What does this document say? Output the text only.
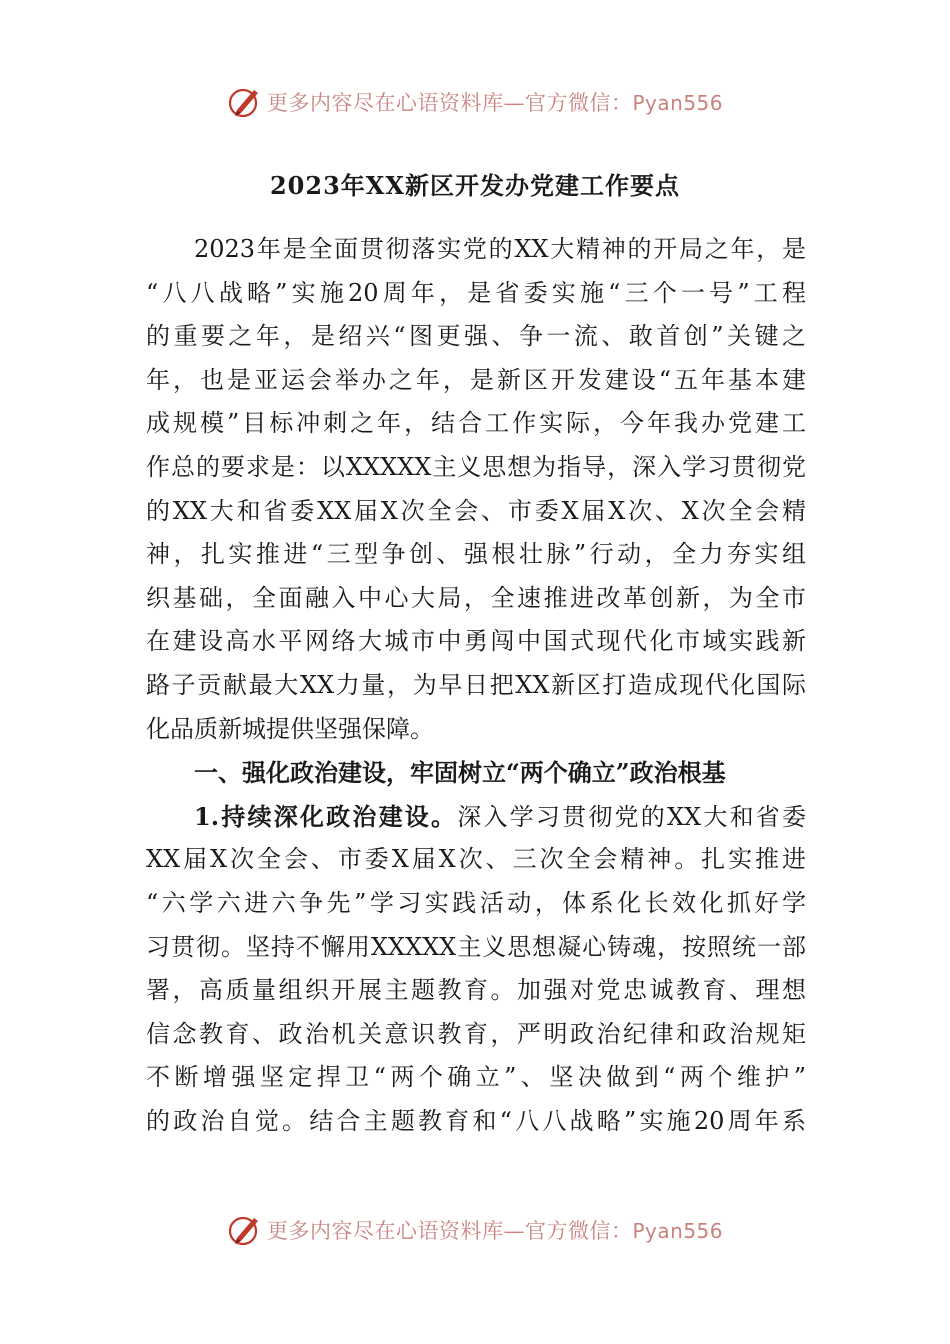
更多内容尽在心语资料库—官方微信：Pyan556
2023年XX新区开发办党建工作要点
2023年是全面贯彻落实党的XX大精神的开局之年，是
“八八战略”实施20周年，是省委实施“三个一号”工程
的重要之年，是绍兴“图更强、争一流、敢首创”关键之
年，也是亚运会举办之年，是新区开发建设“五年基本建
成规模”目标冲刺之年，结合工作实际，今年我办党建工
作总的要求是：以XXXXX主义思想为指导，深入学习贯彻党
的XX大和省委XX届X次全会、市委X届X次、X次全会精
神，扎实推进“三型争创、强根壮脉”行动，全力夯实组
织基础，全面融入中心大局，全速推进改革创新，为全市
在建设高水平网络大城市中勇闯中国式现代化市域实践新
路子贡献最大XX力量，为早日把XX新区打造成现代化国际
化品质新城提供坚强保障。
一、强化政治建设，牢固树立“两个确立”政治根基
1.持续深化政治建设。深入学习贯彻党的XX大和省委
XX届X次全会、市委X届X次、三次全会精神。扎实推进
“六学六进六争先”学习实践活动，体系化长效化抓好学
习贯彻。坚持不懈用XXXXX主义思想凝心铸魂，按照统一部
署，高质量组织开展主题教育。加强对党忠诚教育、理想
信念教育、政治机关意识教育，严明政治纪律和政治规矩
不断增强坚定捍卫“两个确立”、坚决做到“两个维护”
的政治自觉。结合主题教育和“八八战略”实施20周年系
更多内容尽在心语资料库—官方微信：Pyan556
